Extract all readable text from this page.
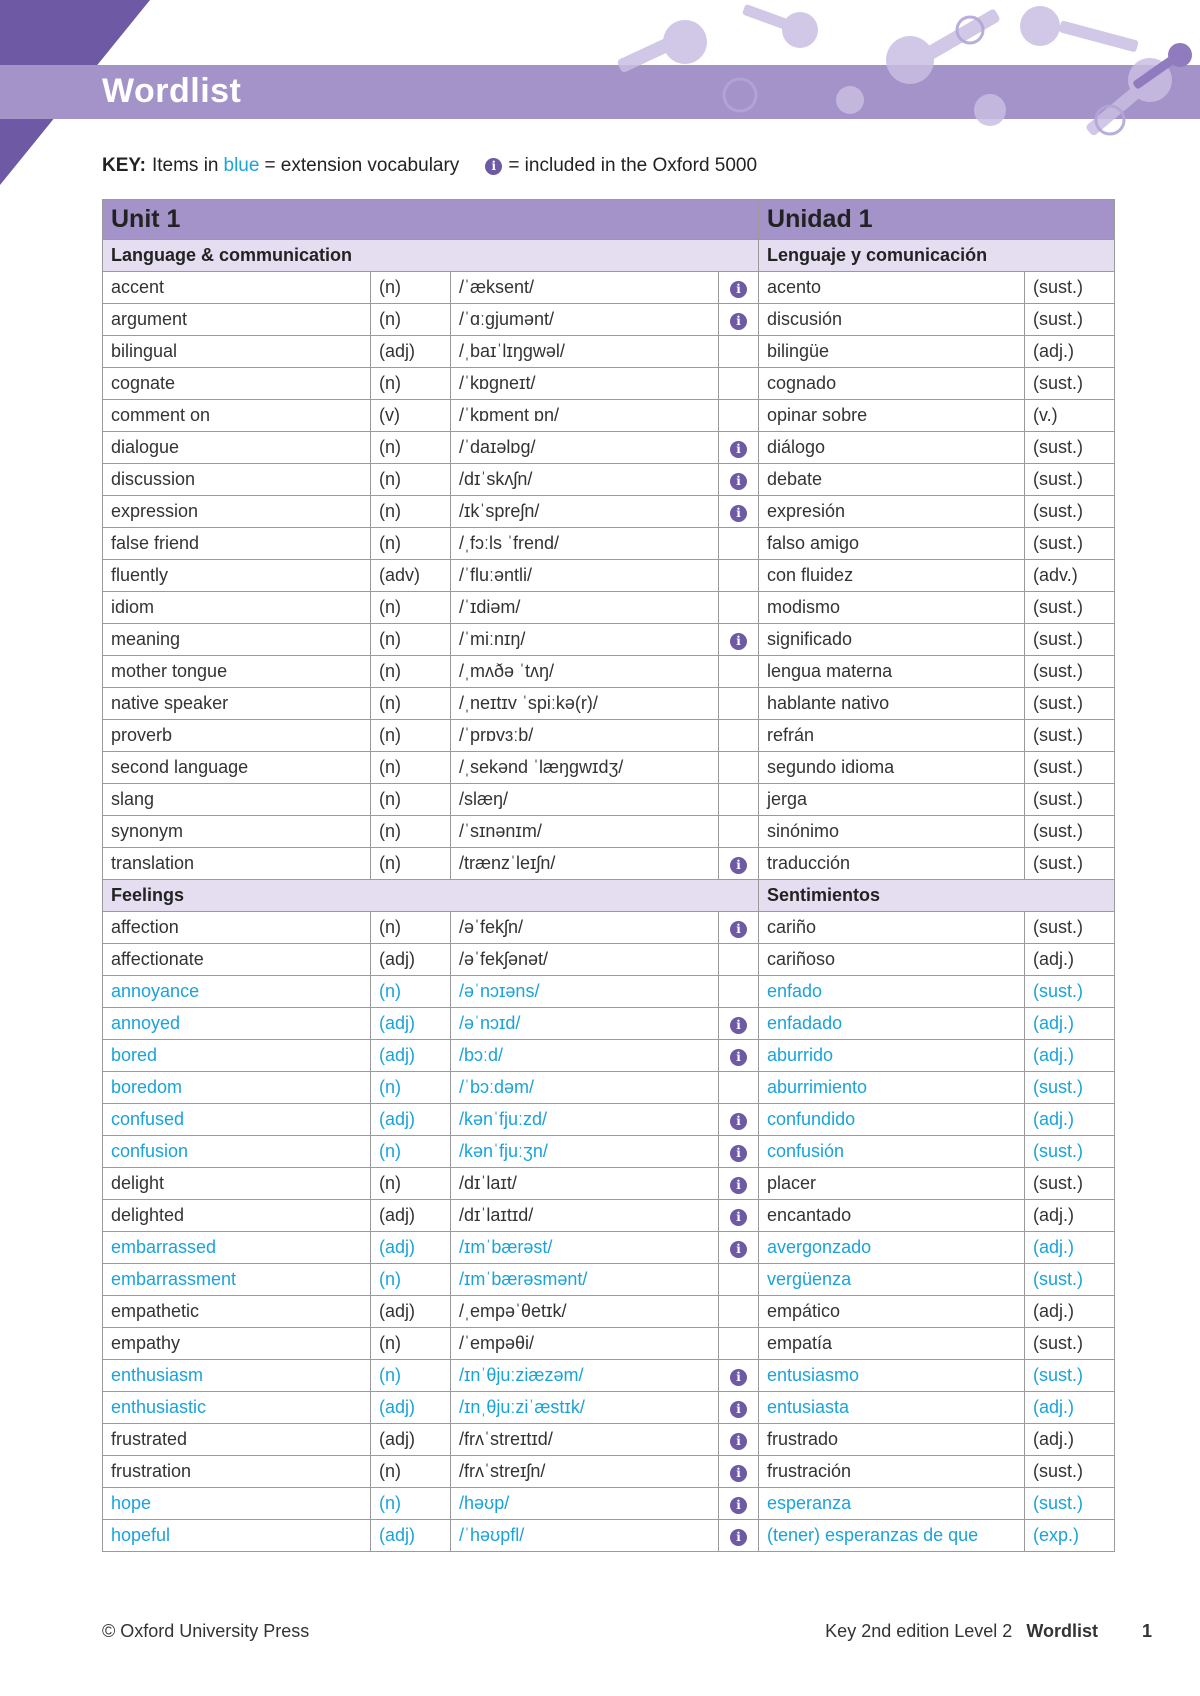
Wordlist
KEY: Items in blue = extension vocabulary	i = included in the Oxford 5000
Unit 1				Unidad 1	
Language & communication				Lenguaje y comunicación	
accent	(n)	/ˈæksent/	i	acento	(sust.)
argument	(n)	/ˈɑːɡjumənt/	i	discusión	(sust.)
bilingual	(adj)	/ˌbaɪˈlɪŋɡwəl/		bilingüe	(adj.)
cognate	(n)	/ˈkɒɡneɪt/		cognado	(sust.)
comment on	(v)	/ˈkɒment ɒn/		opinar sobre	(v.)
dialogue	(n)	/ˈdaɪəlɒɡ/	i	diálogo	(sust.)
discussion	(n)	/dɪˈskʌʃn/	i	debate	(sust.)
expression	(n)	/ɪkˈspreʃn/	i	expresión	(sust.)
false friend	(n)	/ˌfɔːls ˈfrend/		falso amigo	(sust.)
fluently	(adv)	/ˈfluːəntli/		con fluidez	(adv.)
idiom	(n)	/ˈɪdiəm/		modismo	(sust.)
meaning	(n)	/ˈmiːnɪŋ/	i	significado	(sust.)
mother tongue	(n)	/ˌmʌðə ˈtʌŋ/		lengua materna	(sust.)
native speaker	(n)	/ˌneɪtɪv ˈspiːkə(r)/		hablante nativo	(sust.)
proverb	(n)	/ˈprɒvɜːb/		refrán	(sust.)
second language	(n)	/ˌsekənd ˈlæŋɡwɪdʒ/		segundo idioma	(sust.)
slang	(n)	/slæŋ/		jerga	(sust.)
synonym	(n)	/ˈsɪnənɪm/		sinónimo	(sust.)
translation	(n)	/trænzˈleɪʃn/	i	traducción	(sust.)
Feelings				Sentimientos	
affection	(n)	/əˈfekʃn/	i	cariño	(sust.)
affectionate	(adj)	/əˈfekʃənət/		cariñoso	(adj.)
annoyance	(n)	/əˈnɔɪəns/		enfado	(sust.)
annoyed	(adj)	/əˈnɔɪd/	i	enfadado	(adj.)
bored	(adj)	/bɔːd/	i	aburrido	(adj.)
boredom	(n)	/ˈbɔːdəm/		aburrimiento	(sust.)
confused	(adj)	/kənˈfjuːzd/	i	confundido	(adj.)
confusion	(n)	/kənˈfjuːʒn/	i	confusión	(sust.)
delight	(n)	/dɪˈlaɪt/	i	placer	(sust.)
delighted	(adj)	/dɪˈlaɪtɪd/	i	encantado	(adj.)
embarrassed	(adj)	/ɪmˈbærəst/	i	avergonzado	(adj.)
embarrassment	(n)	/ɪmˈbærəsmənt/		vergüenza	(sust.)
empathetic	(adj)	/ˌempəˈθetɪk/		empático	(adj.)
empathy	(n)	/ˈempəθi/		empatía	(sust.)
enthusiasm	(n)	/ɪnˈθjuːziæzəm/	i	entusiasmo	(sust.)
enthusiastic	(adj)	/ɪnˌθjuːziˈæstɪk/	i	entusiasta	(adj.)
frustrated	(adj)	/frʌˈstreɪtɪd/	i	frustrado	(adj.)
frustration	(n)	/frʌˈstreɪʃn/	i	frustración	(sust.)
hope	(n)	/həʊp/	i	esperanza	(sust.)
hopeful	(adj)	/ˈhəʊpfl/	i	(tener) esperanzas de que	(exp.)
© Oxford University Press	Key 2nd edition Level 2 Wordlist 1
